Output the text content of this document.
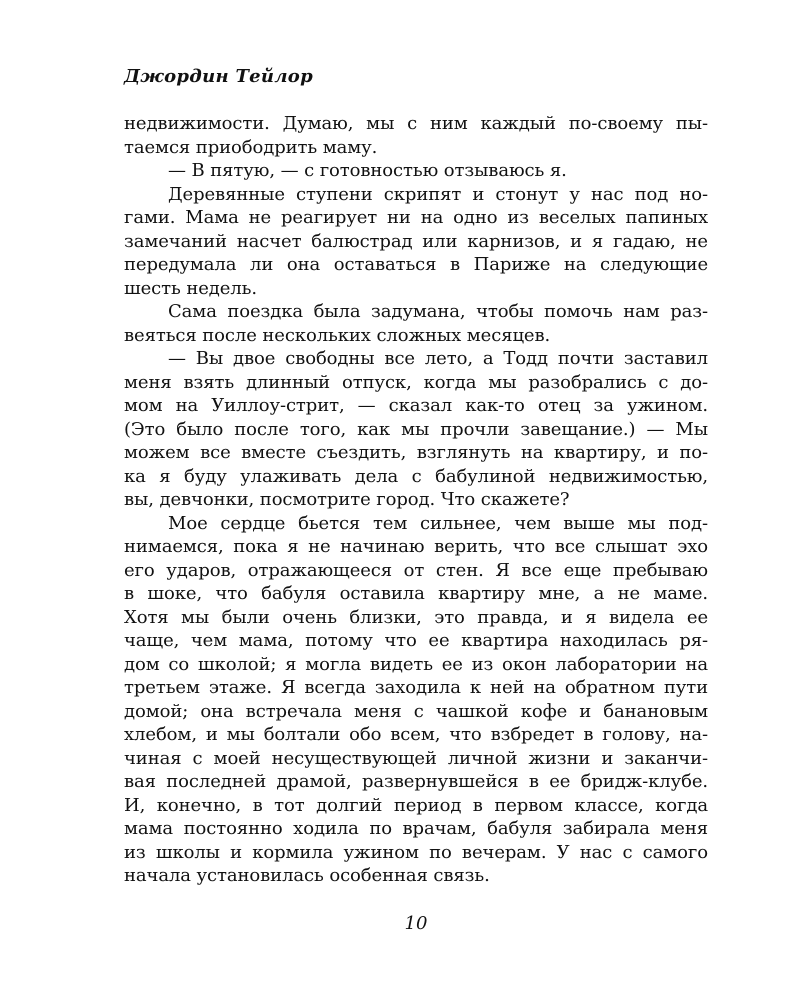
Джордин Тейлор
недвижимости. Думаю, мы с ним каждый по-своему пы-
таемся приободрить маму.
— В пятую, — с готовностью отзываюсь я.
Деревянные ступени скрипят и стонут у нас под но-
гами. Мама не реагирует ни на одно из веселых папиных
замечаний насчет балюстрад или карнизов, и я гадаю, не
передумала ли она оставаться в Париже на следующие
шесть недель.
Сама поездка была задумана, чтобы помочь нам раз-
веяться после нескольких сложных месяцев.
— Вы двое свободны все лето, а Тодд почти заставил
меня взять длинный отпуск, когда мы разобрались с до-
мом на Уиллоу-стрит, — сказал как-то отец за ужином.
(Это было после того, как мы прочли завещание.) — Мы
можем все вместе съездить, взглянуть на квартиру, и по-
ка я буду улаживать дела с бабулиной недвижимостью,
вы, девчонки, посмотрите город. Что скажете?
Мое сердце бьется тем сильнее, чем выше мы под-
нимаемся, пока я не начинаю верить, что все слышат эхо
его ударов, отражающееся от стен. Я все еще пребываю
в шоке, что бабуля оставила квартиру мне, а не маме.
Хотя мы были очень близки, это правда, и я видела ее
чаще, чем мама, потому что ее квартира находилась ря-
дом со школой; я могла видеть ее из окон лаборатории на
третьем этаже. Я всегда заходила к ней на обратном пути
домой; она встречала меня с чашкой кофе и банановым
хлебом, и мы болтали обо всем, что взбредет в голову, на-
чиная с моей несуществующей личной жизни и заканчи-
вая последней драмой, развернувшейся в ее бридж-клубе.
И, конечно, в тот долгий период в первом классе, когда
мама постоянно ходила по врачам, бабуля забирала меня
из школы и кормила ужином по вечерам. У нас с самого
начала установилась особенная связь.
10
